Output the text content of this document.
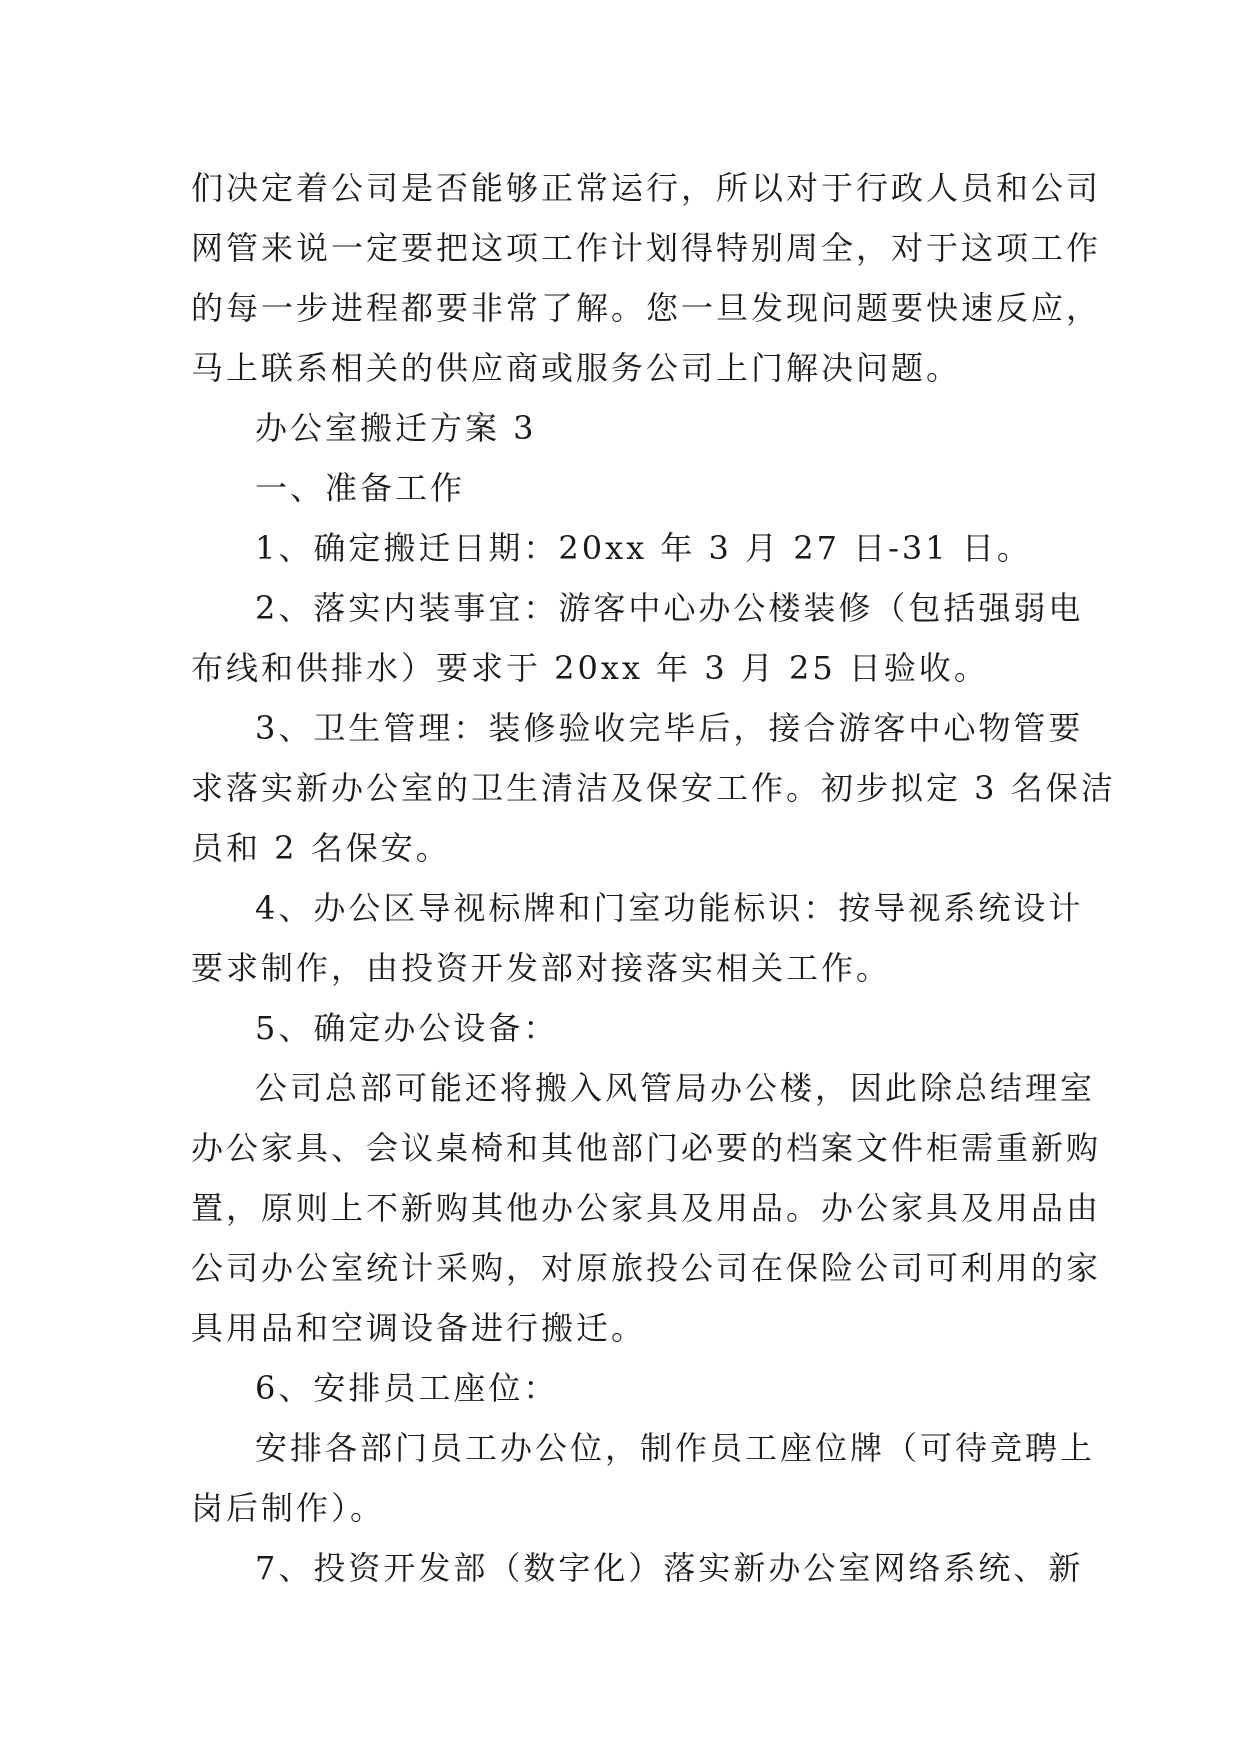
们决定着公司是否能够正常运行，所以对于行政人员和公司
网管来说一定要把这项工作计划得特别周全，对于这项工作
的每一步进程都要非常了解。您一旦发现问题要快速反应，
马上联系相关的供应商或服务公司上门解决问题。
办公室搬迁方案 3
一、准备工作
1、确定搬迁日期：20xx 年 3 月 27 日-31 日。
2、落实内装事宜：游客中心办公楼装修（包括强弱电
布线和供排水）要求于 20xx 年 3 月 25 日验收。
3、卫生管理：装修验收完毕后，接合游客中心物管要
求落实新办公室的卫生清洁及保安工作。初步拟定 3 名保洁
员和 2 名保安。
4、办公区导视标牌和门室功能标识：按导视系统设计
要求制作，由投资开发部对接落实相关工作。
5、确定办公设备：
公司总部可能还将搬入风管局办公楼，因此除总结理室
办公家具、会议桌椅和其他部门必要的档案文件柜需重新购
置，原则上不新购其他办公家具及用品。办公家具及用品由
公司办公室统计采购，对原旅投公司在保险公司可利用的家
具用品和空调设备进行搬迁。
6、安排员工座位：
安排各部门员工办公位，制作员工座位牌（可待竞聘上
岗后制作）。
7、投资开发部（数字化）落实新办公室网络系统、新
